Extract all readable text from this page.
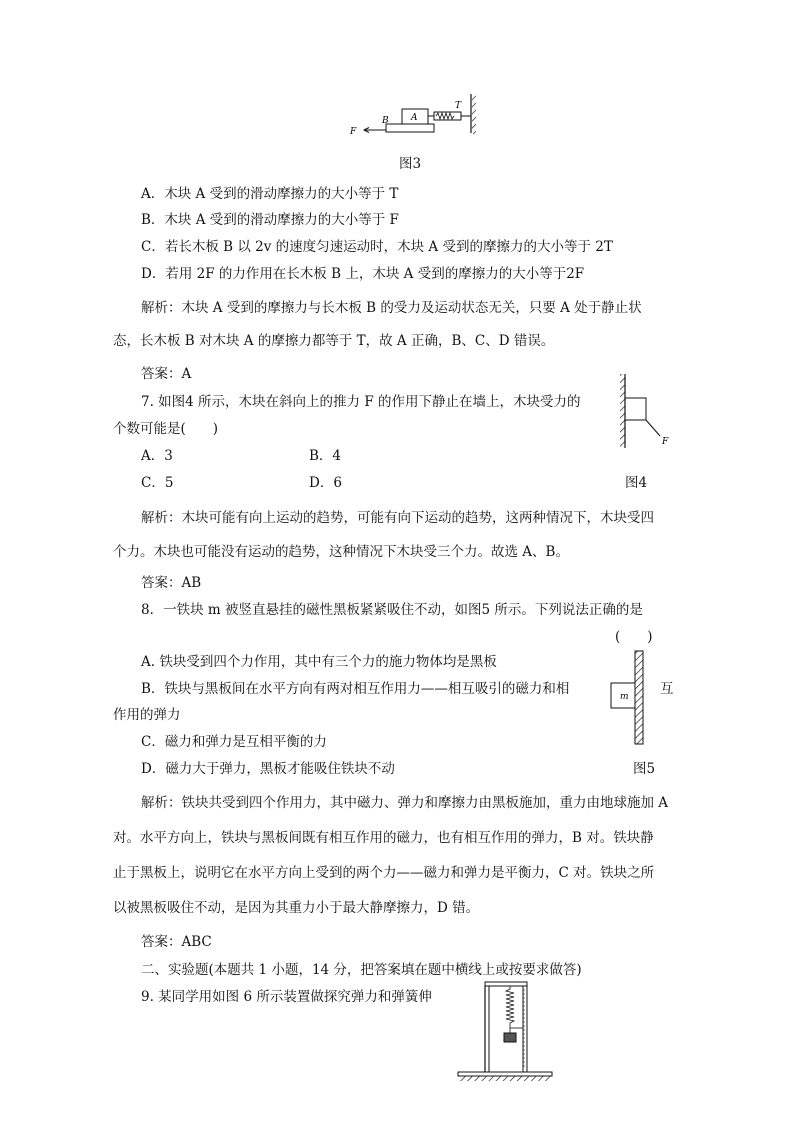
F
B A
T
图3
A．木块 A 受到的滑动摩擦力的大小等于 T
B．木块 A 受到的滑动摩擦力的大小等于 F
C．若长木板 B 以 2v 的速度匀速运动时，木块 A 受到的摩擦力的大小等于 2T
D．若用 2F 的力作用在长木板 B 上，木块 A 受到的摩擦力的大小等于2F
解析：木块 A 受到的摩擦力与长木板 B 的受力及运动状态无关，只要 A 处于静止状
态，长木板 B 对木块 A 的摩擦力都等于 T，故 A 正确，B、C、D 错误。
答案：A
7. 如图4 所示，木块在斜向上的推力 F 的作用下静止在墙上，木块受力的
个数可能是(　　)
A．3	B．4
C．5	D．6
F
图4
解析：木块可能有向上运动的趋势，可能有向下运动的趋势，这两种情况下，木块受四
个力。木块也可能没有运动的趋势，这种情况下木块受三个力。故选 A、B。
答案：AB
8．一铁块 m 被竖直悬挂的磁性黑板紧紧吸住不动，如图5 所示。下列说法正确的是
(　　)
A. 铁块受到四个力作用，其中有三个力的施力物体均是黑板
B．铁块与黑板间在水平方向有两对相互作用力——相互吸引的磁力和相	互
作用的弹力
C．磁力和弹力是互相平衡的力
D．磁力大于弹力，黑板才能吸住铁块不动
m
图5
解析：铁块共受到四个作用力，其中磁力、弹力和摩擦力由黑板施加，重力由地球施加 A
对。水平方向上，铁块与黑板间既有相互作用的磁力，也有相互作用的弹力，B 对。铁块静
止于黑板上，说明它在水平方向上受到的两个力——磁力和弹力是平衡力，C 对。铁块之所
以被黑板吸住不动，是因为其重力小于最大静摩擦力，D 错。
答案：ABC
二、实验题(本题共 1 小题，14 分，把答案填在题中横线上或按要求做答)
9. 某同学用如图 6 所示装置做探究弹力和弹簧伸
